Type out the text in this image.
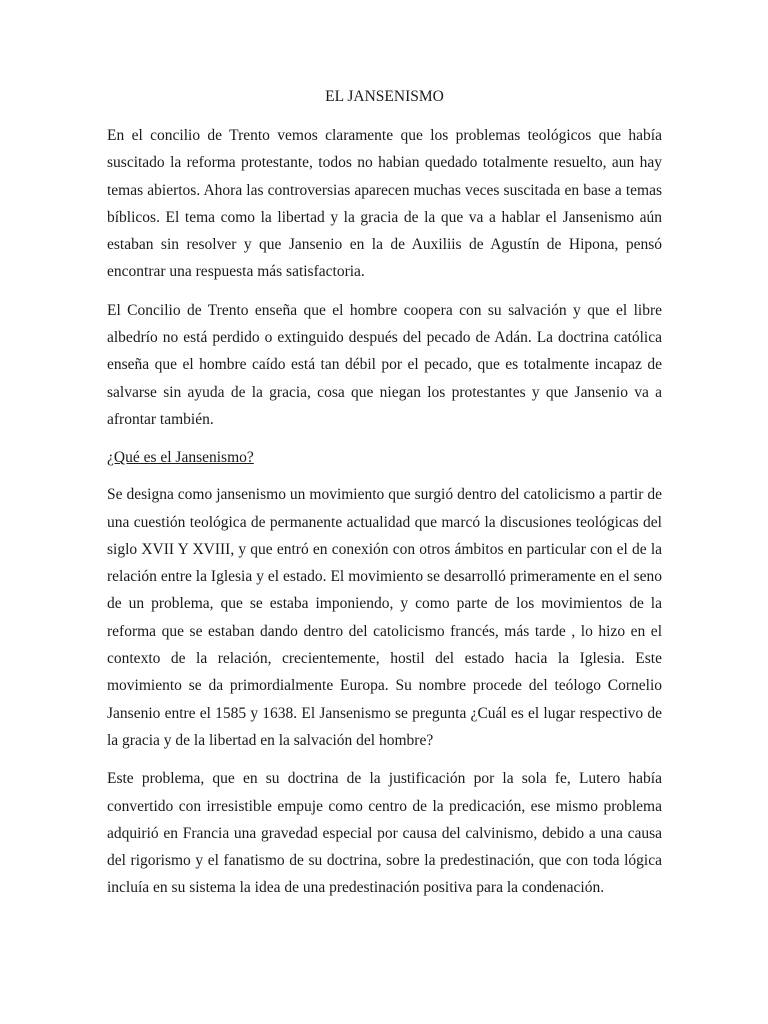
EL JANSENISMO

En el concilio de Trento vemos claramente que los problemas teológicos que había suscitado la reforma protestante, todos no habian quedado totalmente resuelto, aun hay temas abiertos. Ahora las controversias aparecen muchas veces suscitada en base a temas bíblicos. El tema como la libertad y la gracia de la que va a hablar el Jansenismo aún estaban sin resolver y que Jansenio en la de Auxiliis de Agustín de Hipona, pensó encontrar una respuesta más satisfactoria.

El Concilio de Trento enseña que el hombre coopera con su salvación y que el libre albedrío no está perdido o extinguido después del pecado de Adán. La doctrina católica enseña que el hombre caído está tan débil por el pecado, que es totalmente incapaz de salvarse sin ayuda de la gracia, cosa que niegan los protestantes y que Jansenio va a afrontar también.

¿Qué es el Jansenismo?

Se designa como jansenismo un movimiento que surgió dentro del catolicismo a partir de una cuestión teológica de permanente actualidad que marcó la discusiones teológicas del siglo XVII Y XVIII, y que entró en conexión con otros ámbitos en particular con el de la relación entre la Iglesia y el estado. El movimiento se desarrolló primeramente en el seno de un problema, que se estaba imponiendo, y como parte de los movimientos de la reforma que se estaban dando dentro del catolicismo francés, más tarde , lo hizo en el contexto de la relación, crecientemente, hostil del estado hacia la Iglesia. Este movimiento se da primordialmente Europa. Su nombre procede del teólogo Cornelio Jansenio entre el 1585 y 1638. El Jansenismo se pregunta ¿Cuál es el lugar respectivo de la gracia y de la libertad en la salvación del hombre?

Este problema, que en su doctrina de la justificación por la sola fe, Lutero había convertido con irresistible empuje como centro de la predicación, ese mismo problema adquirió en Francia una gravedad especial por causa del calvinismo, debido a una causa del rigorismo y el fanatismo de su doctrina, sobre la predestinación, que con toda lógica incluía en su sistema la idea de una predestinación positiva para la condenación.
